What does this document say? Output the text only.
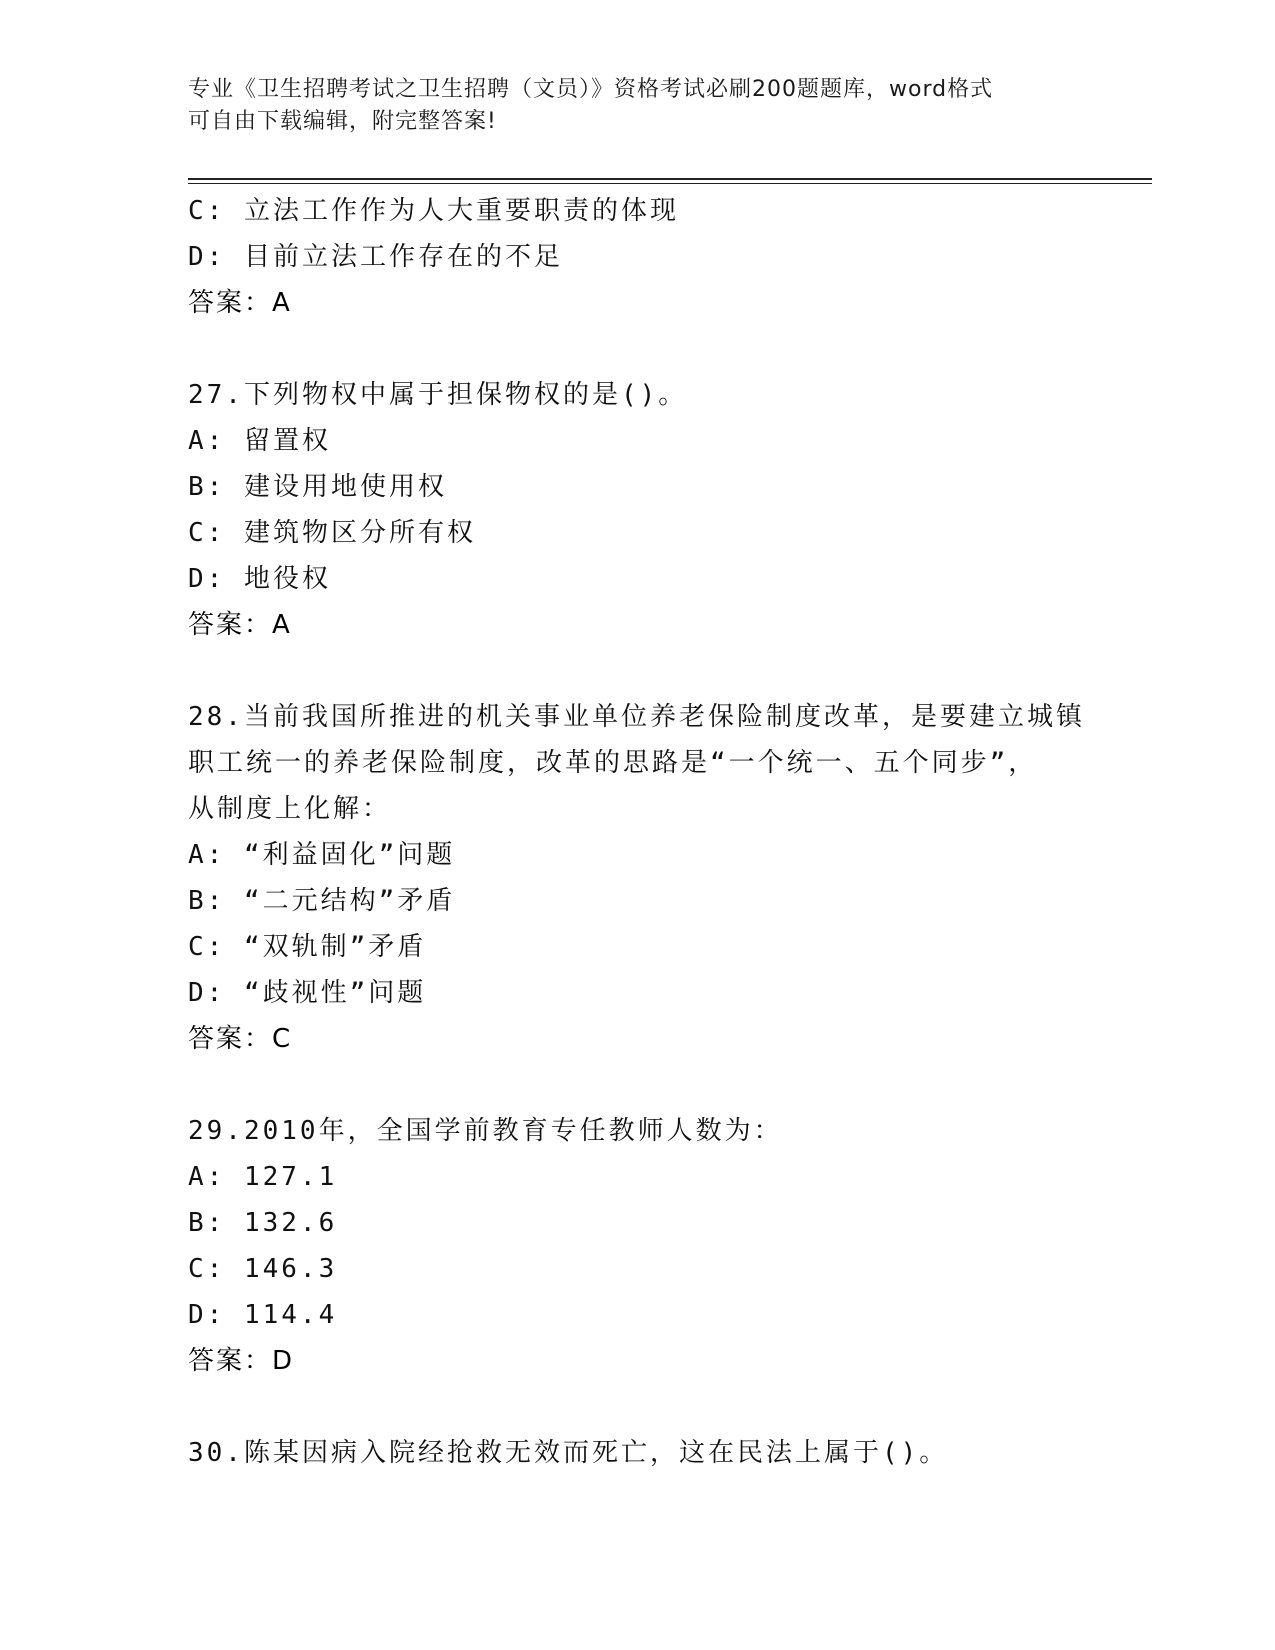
专业《卫生招聘考试之卫生招聘（文员）》资格考试必刷200题题库，word格式
可自由下载编辑，附完整答案!
C: 立法工作作为人大重要职责的体现
D: 目前立法工作存在的不足
答案：A
27.下列物权中属于担保物权的是()。
A: 留置权
B: 建设用地使用权
C: 建筑物区分所有权
D: 地役权
答案：A
28.当前我国所推进的机关事业单位养老保险制度改革，是要建立城镇
职工统一的养老保险制度，改革的思路是“一个统一、五个同步”，
从制度上化解：
A: “利益固化”问题
B: “二元结构”矛盾
C: “双轨制”矛盾
D: “歧视性”问题
答案：C
29.2010年，全国学前教育专任教师人数为：
A: 127.1
B: 132.6
C: 146.3
D: 114.4
答案：D
30.陈某因病入院经抢救无效而死亡，这在民法上属于()。
